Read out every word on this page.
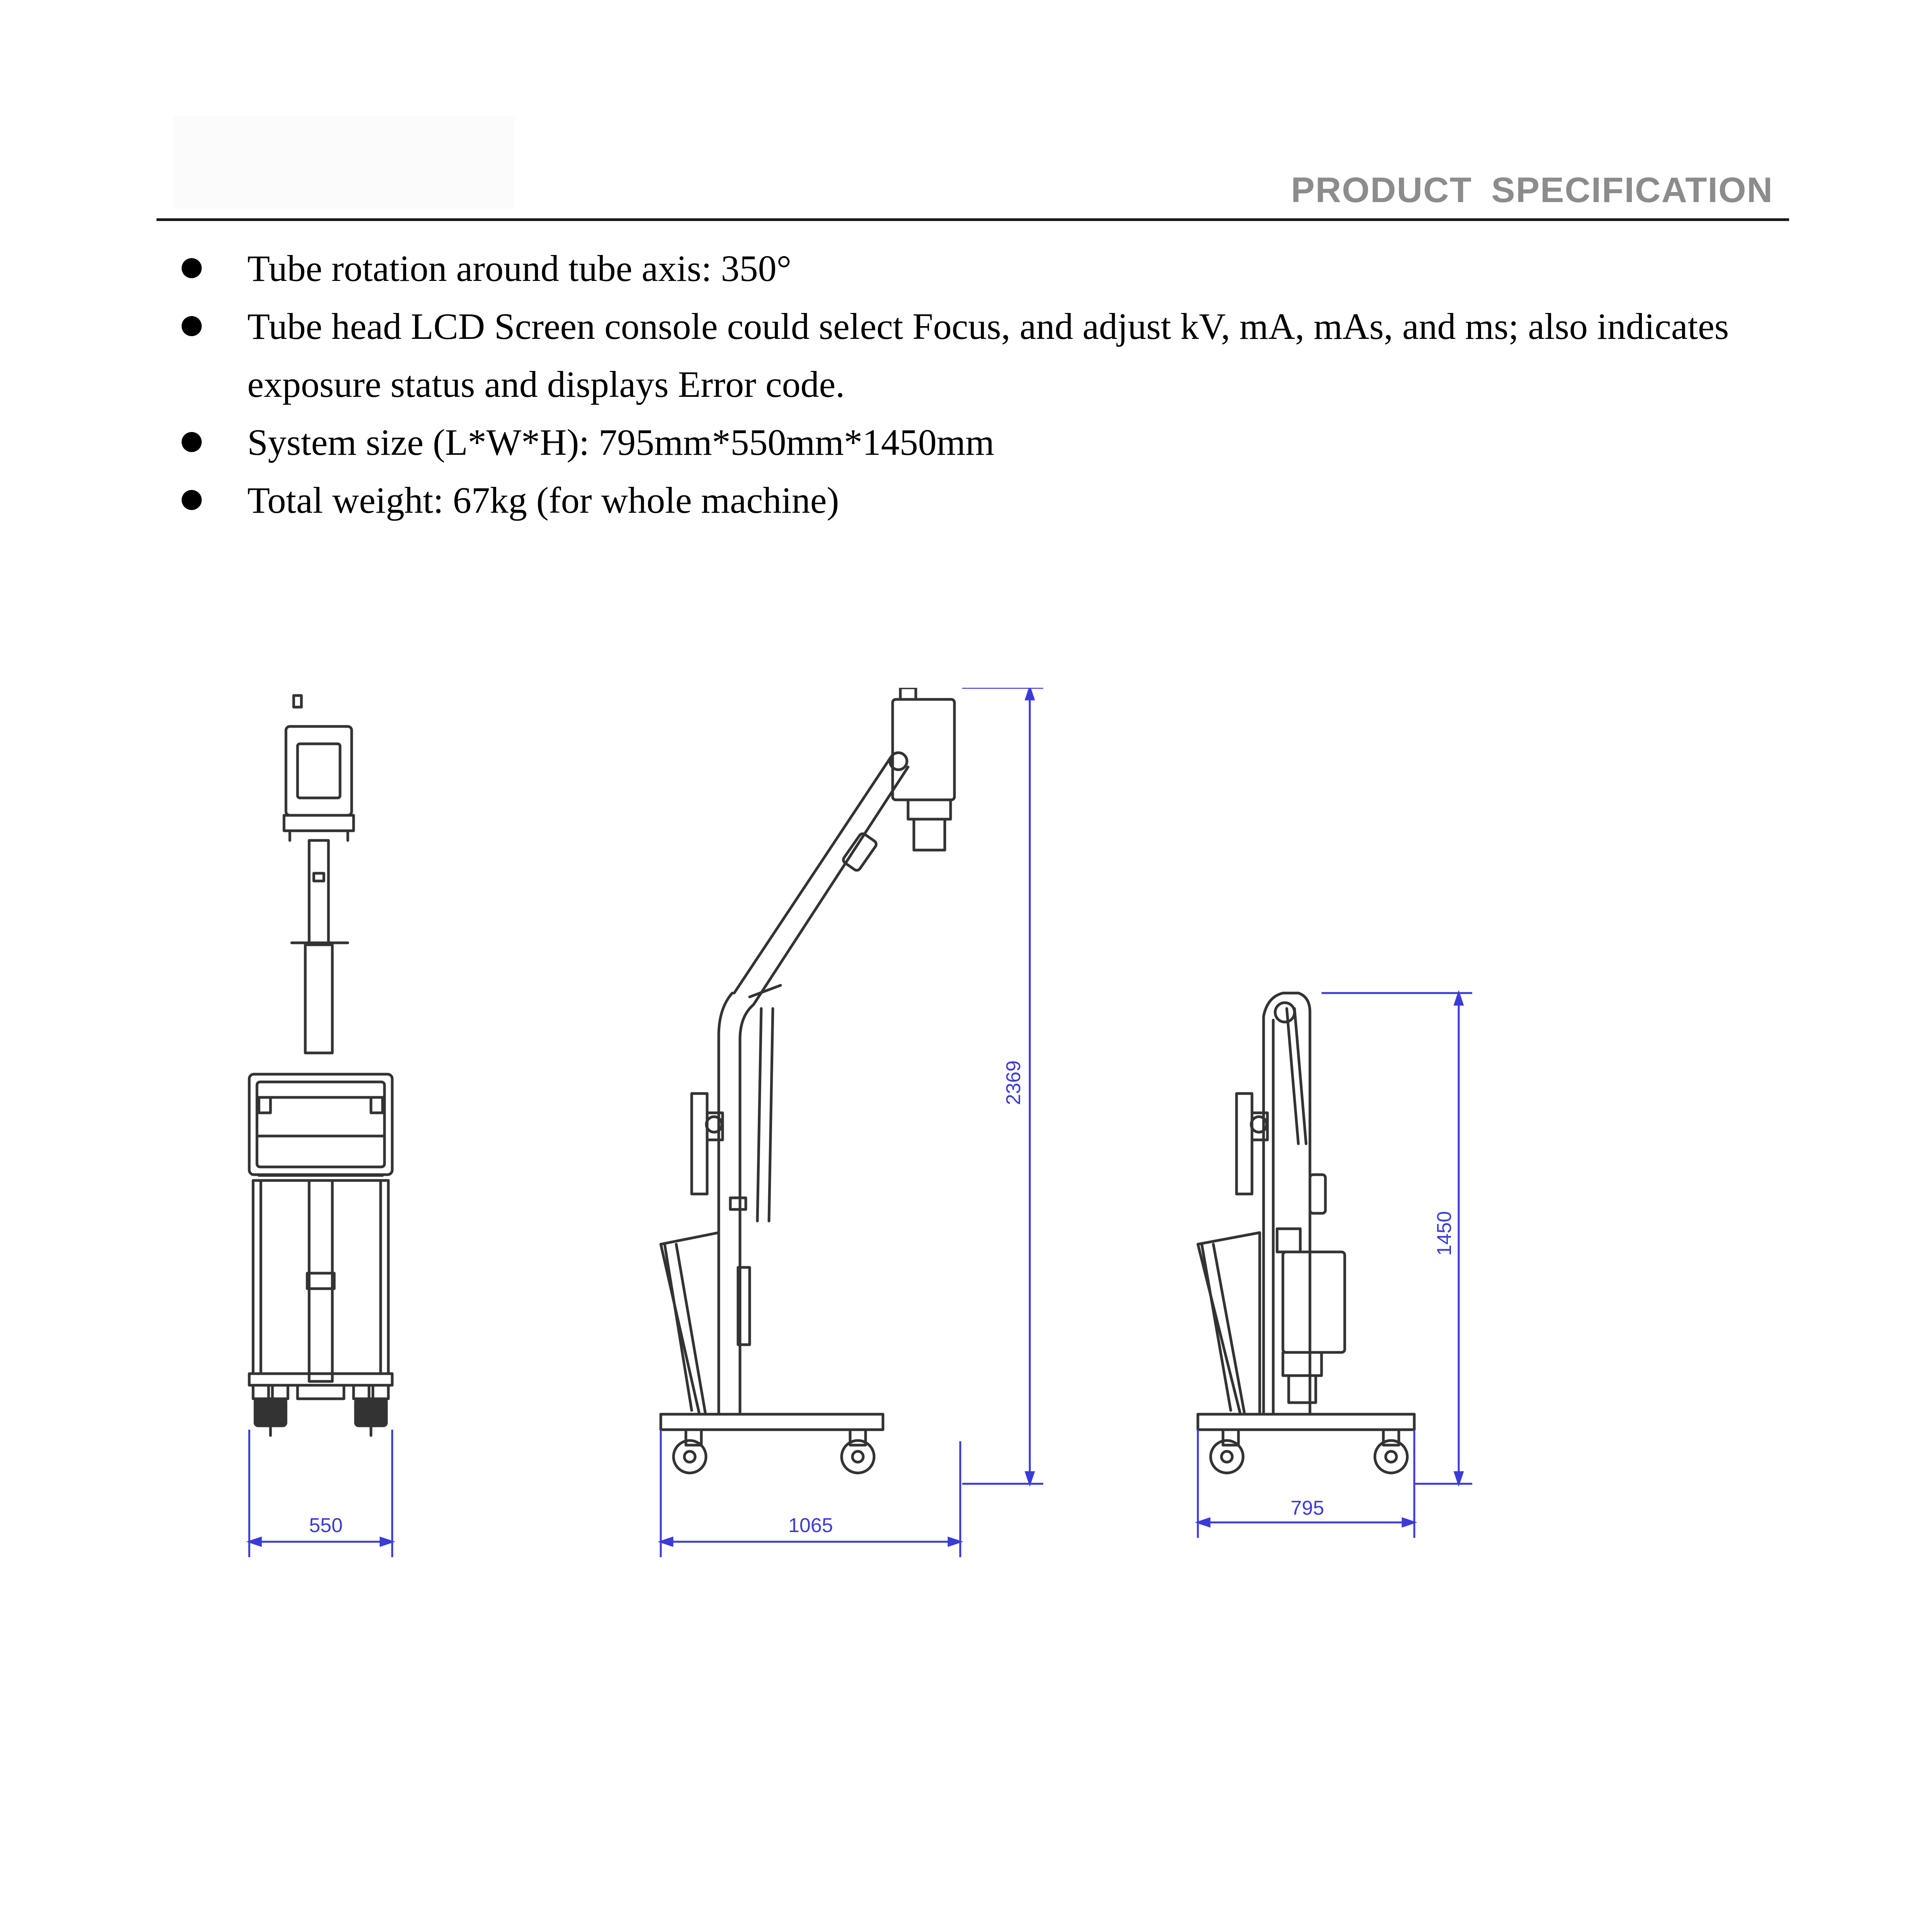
PRODUCT SPECIFICATION
Tube rotation around tube axis: 350°
Tube head LCD Screen console could select Focus, and adjust kV, mA, mAs, and ms; also indicates exposure status and displays Error code.
System size (L*W*H): 795mm*550mm*1450mm
Total weight: 67kg (for whole machine)
550	1065
2369
1450
795
